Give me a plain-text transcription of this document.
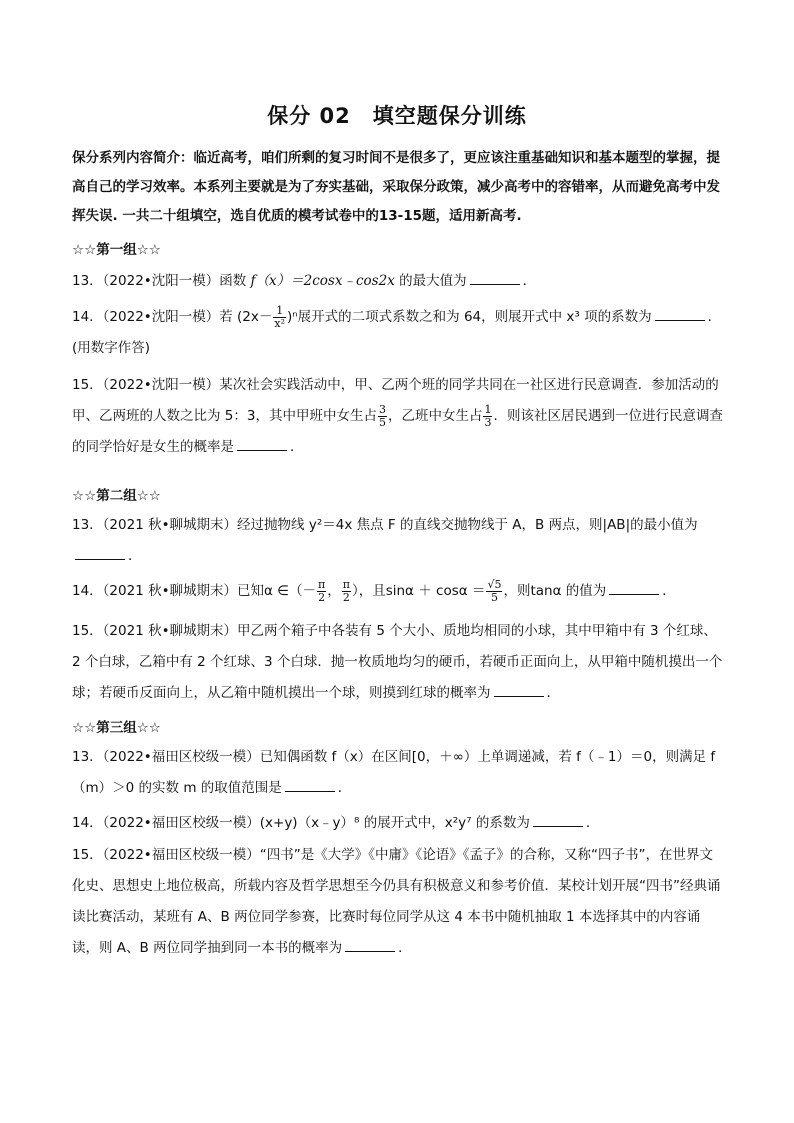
保分 02　填空题保分训练
保分系列内容简介：临近高考，咱们所剩的复习时间不是很多了，更应该注重基础知识和基本题型的掌握，提高自己的学习效率。本系列主要就是为了夯实基础，采取保分政策，减少高考中的容错率，从而避免高考中发挥失误. 一共二十组填空，选自优质的模考试卷中的13-15题，适用新高考.
☆☆第一组☆☆
13．（2022•沈阳一模）函数 f（x）＝2cosx﹣cos2x 的最大值为	．
14．（2022•沈阳一模）若 $(2x- \frac{1}{\text{x²}} )^n$展开式的二项式系数之和为 64，则展开式中 x³ 项的系数为	．(用数字作答)
15．（2022•沈阳一模）某次社会实践活动中，甲、乙两个班的同学共同在一社区进行民意调查．参加活动的甲、乙两班的人数之比为 5：3，其中甲班中女生占 $\frac{3}{5}$ ，乙班中女生占 $\frac{1}{3}$ ．则该社区居民遇到一位进行民意调查的同学恰好是女生的概率是	．
☆☆第二组☆☆
13．（2021 秋•聊城期末）经过抛物线 y²＝4x 焦点 F 的直线交抛物线于 A，B 两点，则|AB|的最小值为．
14．（2021 秋•聊城期末）已知α ∈（－ $\frac{\pi}{2}$ ， $\frac{\pi}{2}$ ），且$\sin\alpha + \cos\alpha = \frac{√5}{5}$ ，则tanα 的值为	．
15．（2021 秋•聊城期末）甲乙两个箱子中各装有 5 个大小、质地均相同的小球，其中甲箱中有 3 个红球、2 个白球，乙箱中有 2 个红球、3 个白球．抛一枚质地均匀的硬币，若硬币正面向上，从甲箱中随机摸出一个球；若硬币反面向上，从乙箱中随机摸出一个球，则摸到红球的概率为	．
☆☆第三组☆☆
13．（2022•福田区校级一模）已知偶函数 f（x）在区间[0，＋∞）上单调递减，若 f（﹣1）＝0，则满足 f（m）＞0 的实数 m 的取值范围是	．
14．（2022•福田区校级一模）(x+y)（x﹣y）⁸ 的展开式中，x²y⁷ 的系数为	．
15．（2022•福田区校级一模）“四书”是《大学》《中庸》《论语》《孟子》的合称，又称“四子书”，在世界文化史、思想史上地位极高，所载内容及哲学思想至今仍具有积极意义和参考价值．某校计划开展“四书”经典诵读比赛活动，某班有 A、B 两位同学参赛，比赛时每位同学从这 4 本书中随机抽取 1 本选择其中的内容诵读，则 A、B 两位同学抽到同一本书的概率为	．
